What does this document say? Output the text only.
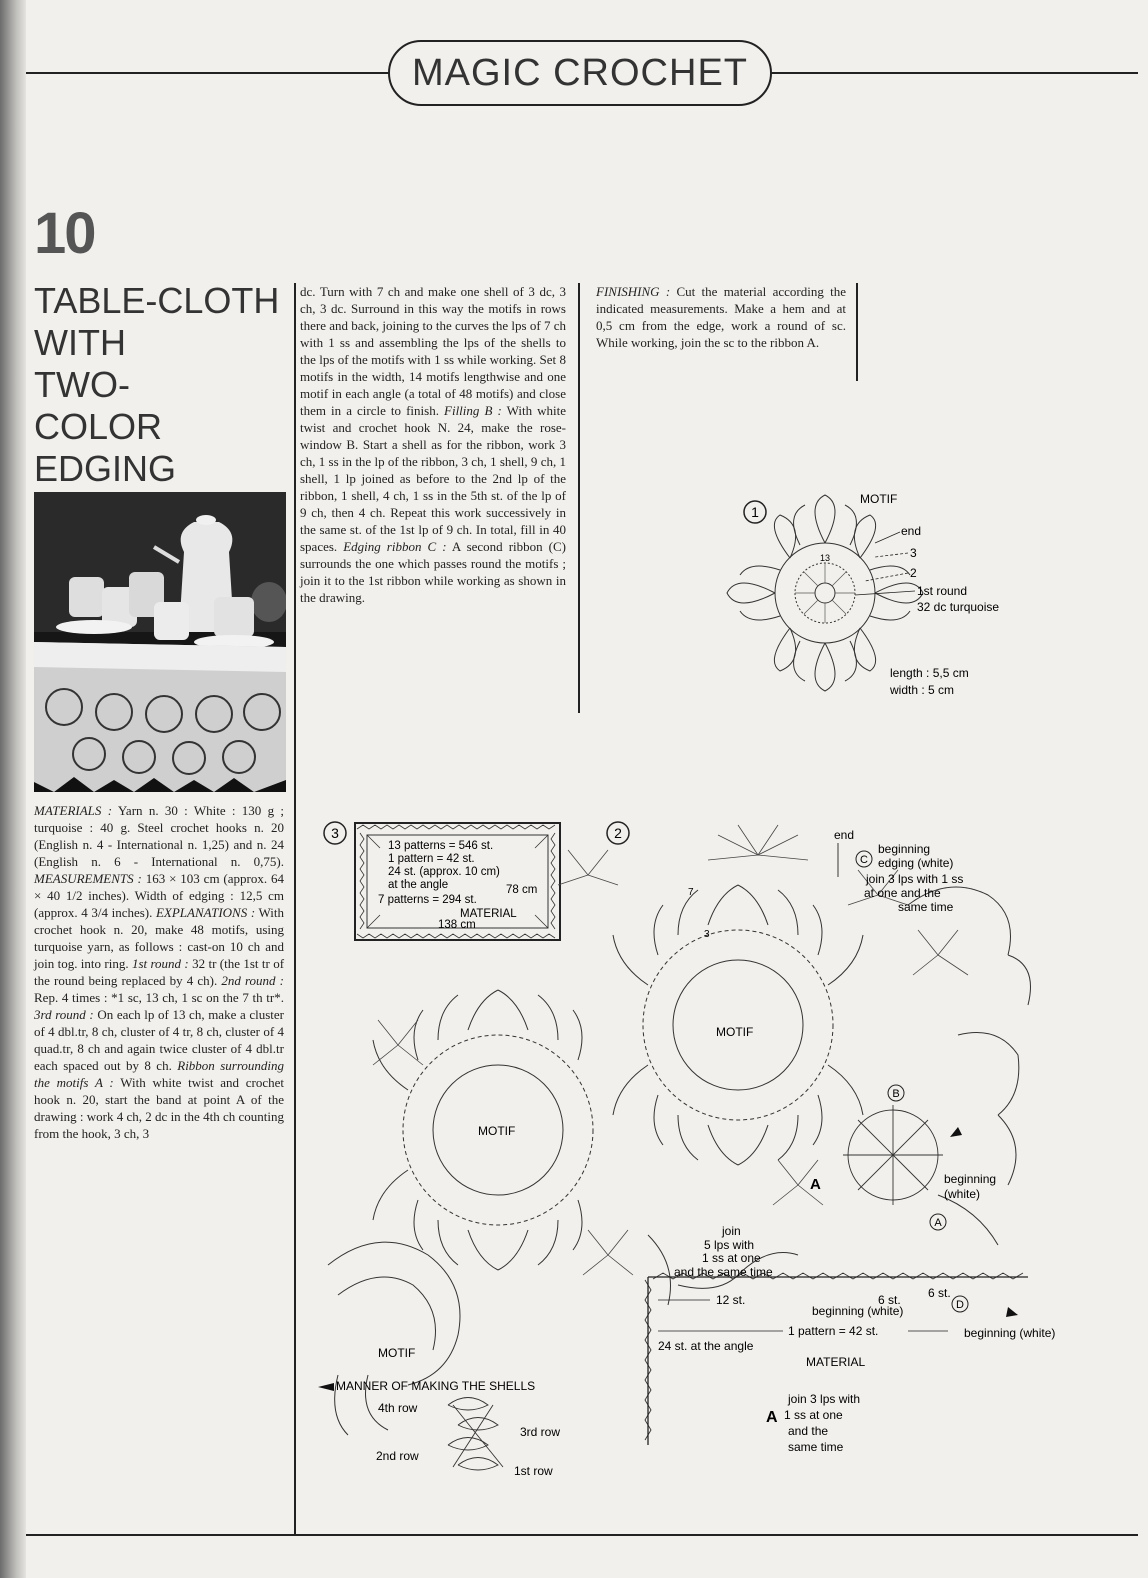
MAGIC CROCHET
10
TABLE-CLOTH
WITH
TWO-
COLOR
EDGING
MATERIALS : Yarn n. 30 : White : 130 g ; turquoise : 40 g. Steel crochet hooks n. 20 (English n. 4 - International n. 1,25) and n. 24 (English n. 6 - International n. 0,75). MEASUREMENTS : 163 × 103 cm (approx. 64 × 40 1/2 inches). Width of edging : 12,5 cm (approx. 4 3/4 inches). EXPLANATIONS : With crochet hook n. 20, make 48 motifs, using turquoise yarn, as follows : cast-on 10 ch and join tog. into ring. 1st round : 32 tr (the 1st tr of the round being replaced by 4 ch). 2nd round : Rep. 4 times : *1 sc, 13 ch, 1 sc on the 7 th tr*. 3rd round : On each lp of 13 ch, make a cluster of 4 dbl.tr, 8 ch, cluster of 4 tr, 8 ch, cluster of 4 quad.tr, 8 ch and again twice cluster of 4 dbl.tr each spaced out by 8 ch. Ribbon surrounding the motifs A : With white twist and crochet hook n. 20, start the band at point A of the drawing : work 4 ch, 2 dc in the 4th ch counting from the hook, 3 ch, 3
dc. Turn with 7 ch and make one shell of 3 dc, 3 ch, 3 dc. Surround in this way the motifs in rows there and back, joining to the curves the lps of 7 ch with 1 ss and assembling the lps of the shells to the lps of the motifs with 1 ss while working. Set 8 motifs in the width, 14 motifs lengthwise and one motif in each angle (a total of 48 motifs) and close them in a circle to finish. Filling B : With white twist and crochet hook N. 24, make the rose-window B. Start a shell as for the ribbon, work 3 ch, 1 ss in the lp of the ribbon, 3 ch, 1 shell, 9 ch, 1 shell, 1 lp joined as before to the 2nd lp of the ribbon, 1 shell, 4 ch, 1 ss in the 5th st. of the lp of 9 ch, then 4 ch. Repeat this work successively in the same st. of the 1st lp of 9 ch. In total, fill in 40 spaces. Edging ribbon C : A second ribbon (C) surrounds the one which passes round the motifs ; join it to the 1st ribbon while working as shown in the drawing.
FINISHING : Cut the material according the indicated measurements. Make a hem and at 0,5 cm from the edge, work a round of sc. While working, join the sc to the ribbon A.
1
13
MOTIF
end
3
2
1st round
32 dc turquoise
length : 5,5 cm
width : 5 cm
3
13 patterns = 546 st.
1 pattern = 42 st.
24 st. (approx. 10 cm)
at the angle
7 patterns = 294 st.
78 cm
MATERIAL
138 cm
2	end
C
beginning
edging (white)
join 3 lps with 1 ss
at one and the
same time
MOTIF
MOTIF
MOTIF
B
beginning
(white)
A
A
join
5 lps with
1 ss at one
and the same time
12 st.	6 st. 6 st.
D
beginning (white)
1 pattern = 42 st.	beginning (white)
24 st. at the angle
MATERIAL
MANNER OF MAKING THE SHELLS
4th row
3rd row
2nd row
1st row
join 3 lps with
A 1 ss at one
and the
same time
7
3
